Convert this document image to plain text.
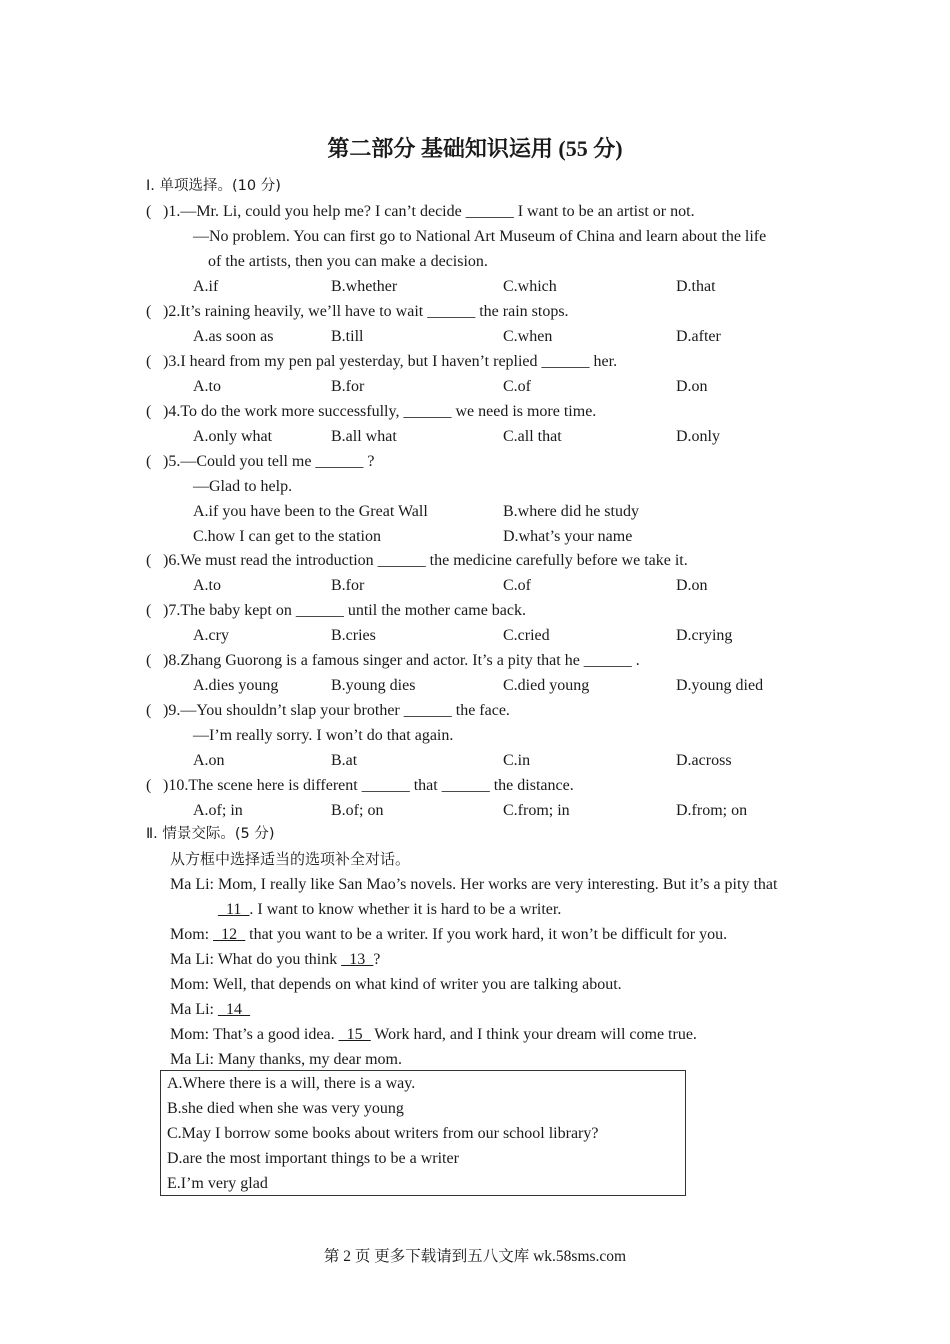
第二部分 基础知识运用 (55 分)
Ⅰ. 单项选择。(10 分)
( )1.—Mr. Li, could you help me? I can’t decide ______ I want to be an artist or not.
—No problem. You can first go to National Art Museum of China and learn about the life
of the artists, then you can make a decision.
A.if	B.whether	C.which	D.that
( )2.It’s raining heavily, we’ll have to wait ______ the rain stops.
A.as soon as	B.till	C.when	D.after
( )3.I heard from my pen pal yesterday, but I haven’t replied ______ her.
A.to	B.for	C.of	D.on
( )4.To do the work more successfully, ______ we need is more time.
A.only what	B.all what	C.all that	D.only
( )5.—Could you tell me ______ ?
—Glad to help.
A.if you have been to the Great Wall	B.where did he study
C.how I can get to the station	D.what’s your name
( )6.We must read the introduction ______ the medicine carefully before we take it.
A.to	B.for	C.of	D.on
( )7.The baby kept on ______ until the mother came back.
A.cry	B.cries	C.cried	D.crying
( )8.Zhang Guorong is a famous singer and actor. It’s a pity that he ______ .
A.dies young	B.young dies	C.died young	D.young died
( )9.—You shouldn’t slap your brother ______ the face.
—I’m really sorry. I won’t do that again.
A.on	B.at	C.in	D.across
( )10.The scene here is different ______ that ______ the distance.
A.of; in	B.of; on	C.from; in	D.from; on
Ⅱ. 情景交际。(5 分)
从方框中选择适当的选项补全对话。
Ma Li: Mom, I really like San Mao’s novels. Her works are very interesting. But it’s a pity that
_11_. I want to know whether it is hard to be a writer.
Mom: _12_ that you want to be a writer. If you work hard, it won’t be difficult for you.
Ma Li: What do you think _13_?
Mom: Well, that depends on what kind of writer you are talking about.
Ma Li: _14_
Mom: That’s a good idea. _15_ Work hard, and I think your dream will come true.
Ma Li: Many thanks, my dear mom.
A.Where there is a will, there is a way.
B.she died when she was very young
C.May I borrow some books about writers from our school library?
D.are the most important things to be a writer
E.I’m very glad
第 2 页 更多下载请到五八文库 wk.58sms.com
